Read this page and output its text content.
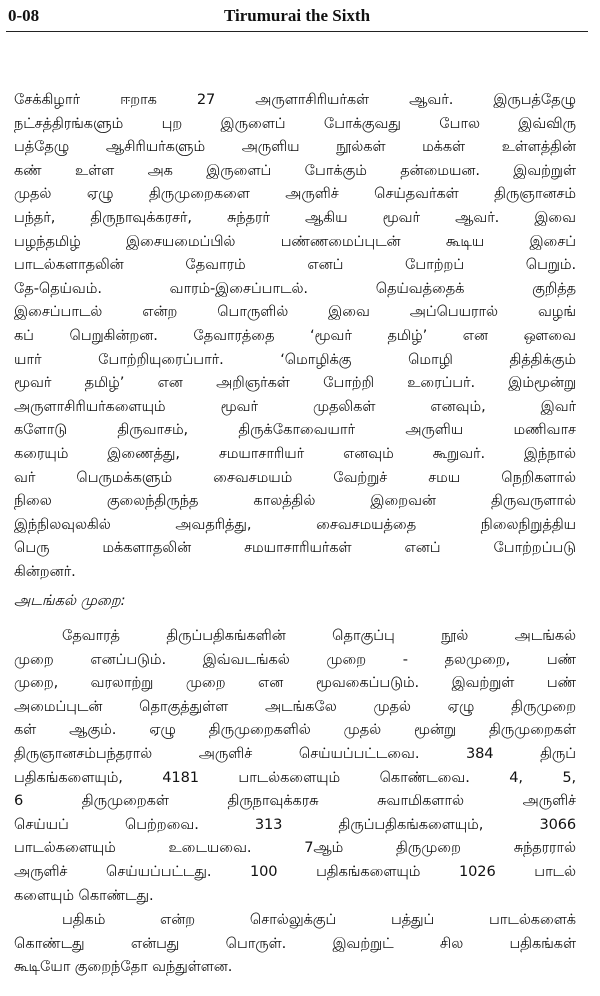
0-08	Tirumurai the Sixth
சேக்கிழார் ஈறாக 27 அருளாசிரியர்கள் ஆவர். இருபத்தேழு
நட்சத்திரங்களும் புற இருளைப் போக்குவது போல இவ்விரு
பத்தேழு ஆசிரியர்களும் அருளிய நூல்கள் மக்கள் உள்ளத்தின்
கண் உள்ள அக இருளைப் போக்கும் தன்மையன. இவற்றுள்
முதல் ஏழு திருமுறைகளை அருளிச் செய்தவர்கள் திருஞானசம்
பந்தர், திருநாவுக்கரசர், சுந்தரர் ஆகிய மூவர் ஆவர். இவை
பழந்தமிழ் இசையமைப்பில் பண்ணமைப்புடன் கூடிய இசைப்
பாடல்களாதலின் தேவாரம் எனப் போற்றப் பெறும்.
தே-தெய்வம். வாரம்-இசைப்பாடல். தெய்வத்தைக் குறித்த
இசைப்பாடல் என்ற பொருளில் இவை அப்பெயரால் வழங்
கப் பெறுகின்றன. தேவாரத்தை ‘மூவர் தமிழ்’ என ஔவை
யார் போற்றியுரைப்பார். ‘மொழிக்கு மொழி தித்திக்கும்
மூவர் தமிழ்’ என அறிஞர்கள் போற்றி உரைப்பர். இம்மூன்று
அருளாசிரியர்களையும் மூவர் முதலிகள் எனவும், இவர்
களோடு திருவாசம், திருக்கோவையார் அருளிய மணிவாச
கரையும் இணைத்து, சமயாசாரியர் எனவும் கூறுவர். இந்நால்
வர் பெருமக்களும் சைவசமயம் வேற்றுச் சமய நெறிகளால்
நிலை குலைந்திருந்த காலத்தில் இறைவன் திருவருளால்
இந்நிலவுலகில் அவதரித்து, சைவசமயத்தை நிலைநிறுத்திய
பெரு மக்களாதலின் சமயாசாரியர்கள் எனப் போற்றப்படு
கின்றனர்.
அடங்கல் முறை:
தேவாரத் திருப்பதிகங்களின் தொகுப்பு நூல் அடங்கல்
முறை எனப்படும். இவ்வடங்கல் முறை - தலமுறை, பண்
முறை, வரலாற்று முறை என மூவகைப்படும். இவற்றுள் பண்
அமைப்புடன் தொகுத்துள்ள அடங்கலே முதல் ஏழு திருமுறை
கள் ஆகும். ஏழு திருமுறைகளில் முதல் மூன்று திருமுறைகள்
திருஞானசம்பந்தரால் அருளிச் செய்யப்பட்டவை. 384 திருப்
பதிகங்களையும், 4181 பாடல்களையும் கொண்டவை. 4, 5,
6 திருமுறைகள் திருநாவுக்கரசு சுவாமிகளால் அருளிச்
செய்யப் பெற்றவை. 313 திருப்பதிகங்களையும், 3066
பாடல்களையும் உடையவை. 7ஆம் திருமுறை சுந்தரரால்
அருளிச் செய்யப்பட்டது. 100 பதிகங்களையும் 1026 பாடல்
களையும் கொண்டது.
பதிகம் என்ற சொல்லுக்குப் பத்துப் பாடல்களைக்
கொண்டது என்பது பொருள். இவற்றுட் சில பதிகங்கள்
கூடியோ குறைந்தோ வந்துள்ளன.
